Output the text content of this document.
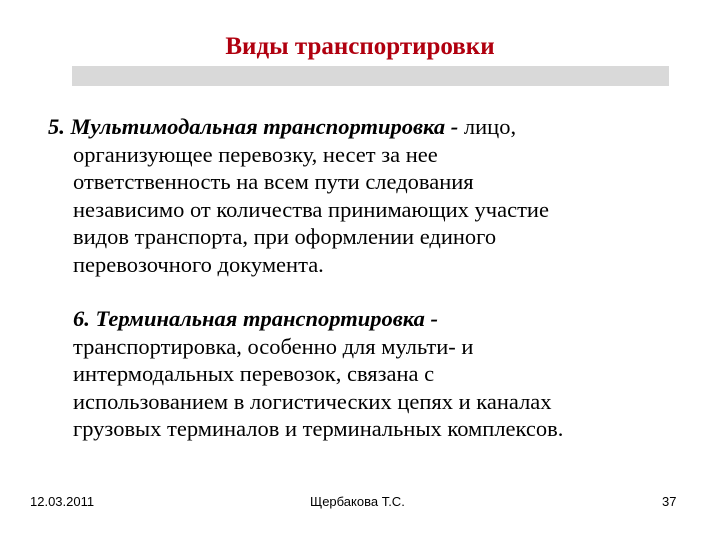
Виды транспортировки
5. Мультимодальная транспортировка - лицо,
организующее перевозку, несет за нее
ответственность на всем пути следования
независимо от количества принимающих участие
видов транспорта, при оформлении единого
перевозочного документа.
6. Терминальная транспортировка -
транспортировка, особенно для мульти- и
интермодальных перевозок, связана с
использованием в логистических цепях и каналах
грузовых терминалов и терминальных комплексов.
12.03.2011	Щербакова Т.С.	37
